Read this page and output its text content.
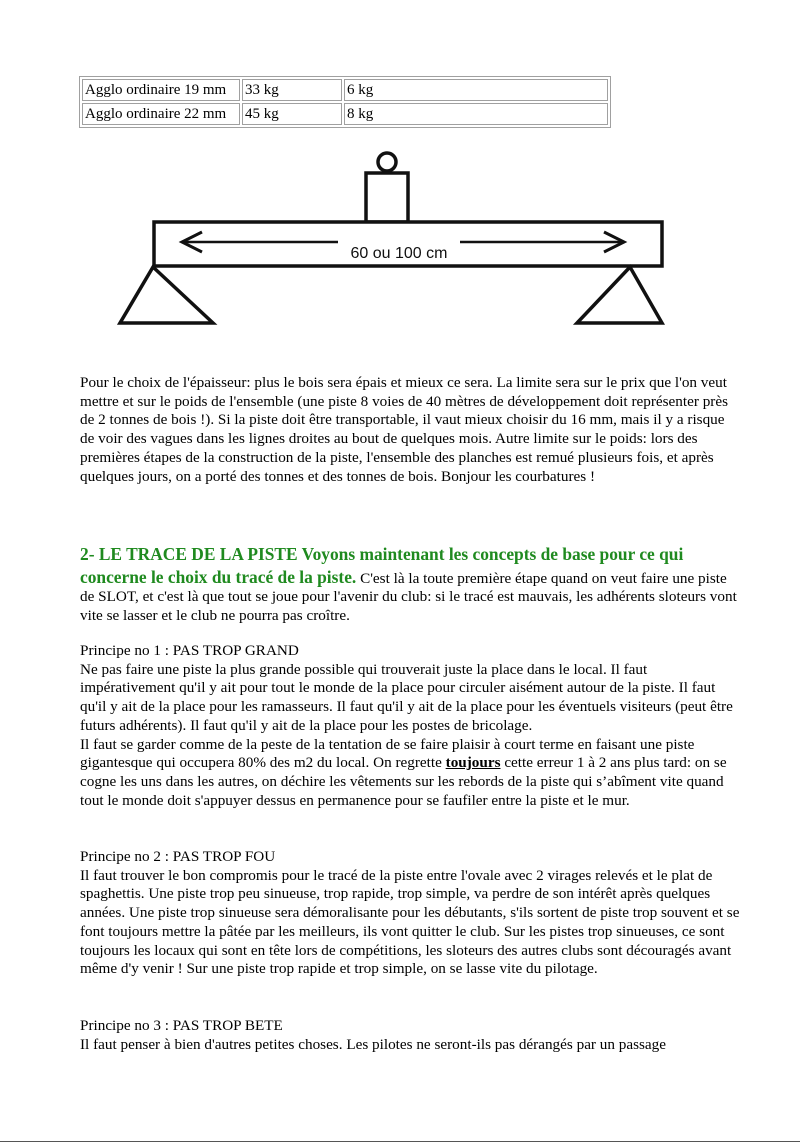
Agglo ordinaire 19 mm	33 kg	6 kg
Agglo ordinaire 22 mm	45 kg	8 kg
60 ou 100 cm
Pour le choix de l'épaisseur: plus le bois sera épais et mieux ce sera. La limite sera sur le prix que l'on veut mettre et sur le poids de l'ensemble (une piste 8 voies de 40 mètres de développement doit représenter près de 2 tonnes de bois !). Si la piste doit être transportable, il vaut mieux choisir du 16 mm, mais il y a risque de voir des vagues dans les lignes droites au bout de quelques mois. Autre limite sur le poids: lors des premières étapes de la construction de la piste, l'ensemble des planches est remué plusieurs fois, et après quelques jours, on a porté des tonnes et des tonnes de bois. Bonjour les courbatures !
2- LE TRACE DE LA PISTE Voyons maintenant les concepts de base pour ce qui concerne le choix du tracé de la piste. C'est là la toute première étape quand on veut faire une piste de SLOT, et c'est là que tout se joue pour l'avenir du club: si le tracé est mauvais, les adhérents sloteurs vont vite se lasser et le club ne pourra pas croître.
Principe no 1 : PAS TROP GRAND
Ne pas faire une piste la plus grande possible qui trouverait juste la place dans le local. Il faut impérativement qu'il y ait pour tout le monde de la place pour circuler aisément autour de la piste. Il faut qu'il y ait de la place pour les ramasseurs. Il faut qu'il y ait de la place pour les éventuels visiteurs (peut être futurs adhérents). Il faut qu'il y ait de la place pour les postes de bricolage.
Il faut se garder comme de la peste de la tentation de se faire plaisir à court terme en faisant une piste gigantesque qui occupera 80% des m2 du local. On regrette toujours cette erreur 1 à 2 ans plus tard: on se cogne les uns dans les autres, on déchire les vêtements sur les rebords de la piste qui s’abîment vite quand tout le monde doit s'appuyer dessus en permanence pour se faufiler entre la piste et le mur.
Principe no 2 : PAS TROP FOU
Il faut trouver le bon compromis pour le tracé de la piste entre l'ovale avec 2 virages relevés et le plat de spaghettis. Une piste trop peu sinueuse, trop rapide, trop simple, va perdre de son intérêt après quelques années. Une piste trop sinueuse sera démoralisante pour les débutants, s'ils sortent de piste trop souvent et se font toujours mettre la pâtée par les meilleurs, ils vont quitter le club. Sur les pistes trop sinueuses, ce sont toujours les locaux qui sont en tête lors de compétitions, les sloteurs des autres clubs sont découragés avant même d'y venir ! Sur une piste trop rapide et trop simple, on se lasse vite du pilotage.
Principe no 3 : PAS TROP BETE
Il faut penser à bien d'autres petites choses. Les pilotes ne seront-ils pas dérangés par un passage
